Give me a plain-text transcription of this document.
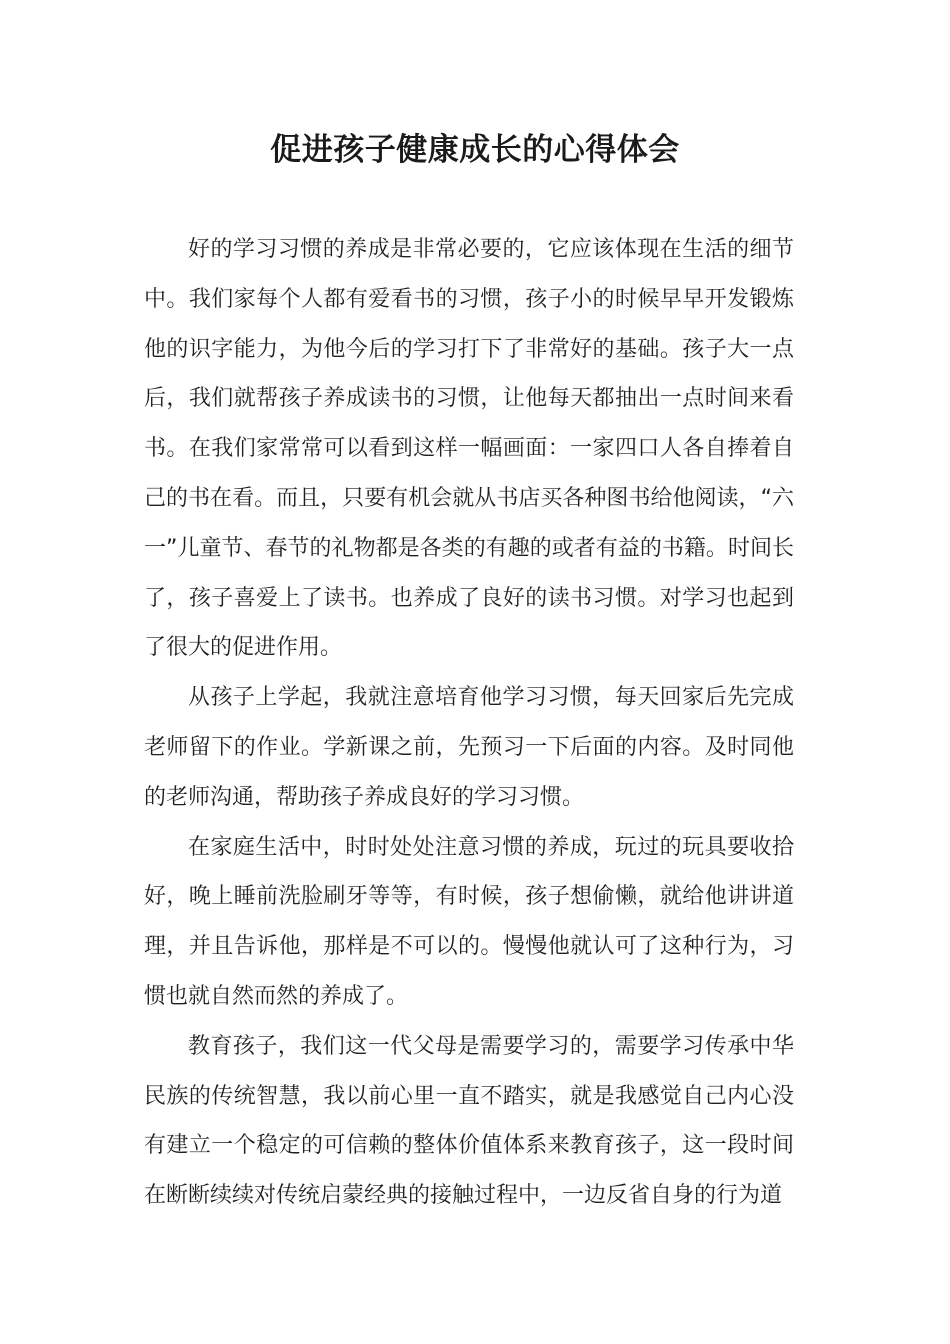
促进孩子健康成长的心得体会

好的学习习惯的养成是非常必要的，它应该体现在生活的细节中。我们家每个人都有爱看书的习惯，孩子小的时候早早开发锻炼他的识字能力，为他今后的学习打下了非常好的基础。孩子大一点后，我们就帮孩子养成读书的习惯，让他每天都抽出一点时间来看书。在我们家常常可以看到这样一幅画面：一家四口人各自捧着自己的书在看。而且，只要有机会就从书店买各种图书给他阅读，“六一”儿童节、春节的礼物都是各类的有趣的或者有益的书籍。时间长了，孩子喜爱上了读书。也养成了良好的读书习惯。对学习也起到了很大的促进作用。

从孩子上学起，我就注意培育他学习习惯，每天回家后先完成老师留下的作业。学新课之前，先预习一下后面的内容。及时同他的老师沟通，帮助孩子养成良好的学习习惯。

在家庭生活中，时时处处注意习惯的养成，玩过的玩具要收拾好，晚上睡前洗脸刷牙等等，有时候，孩子想偷懒，就给他讲讲道理，并且告诉他，那样是不可以的。慢慢他就认可了这种行为，习惯也就自然而然的养成了。

教育孩子，我们这一代父母是需要学习的，需要学习传承中华民族的传统智慧，我以前心里一直不踏实，就是我感觉自己内心没有建立一个稳定的可信赖的整体价值体系来教育孩子，这一段时间在断断续续对传统启蒙经典的接触过程中，一边反省自身的行为道
